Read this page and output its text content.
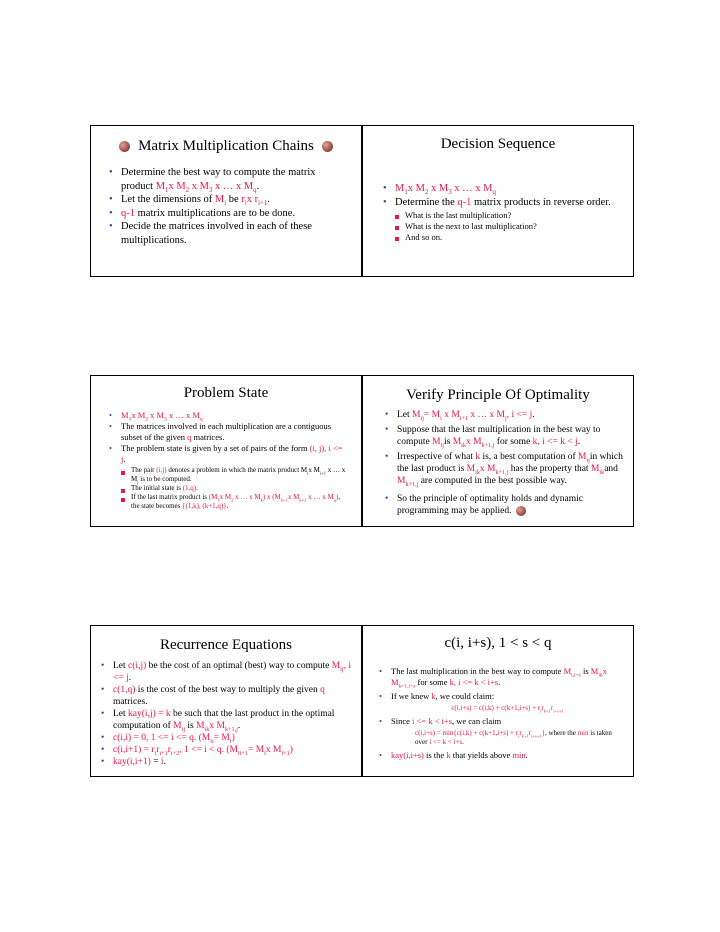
Matrix Multiplication Chains
• Determine the best way to compute the matrix product $M_1x$ $M_2$ x $M_3$ x … x $M_q$.
• Let the dimensions of $M_i$ be $r_ix$ $r_{i+1}$.
• q-1 matrix multiplications are to be done.
• Decide the matrices involved in each of these multiplications.
Decision Sequence
• $M_1x$ $M_2$ x $M_3$ x … x $M_q$
• Determine the q-1 matrix products in reverse order.
What is the last multiplication?
What is the next to last multiplication?
And so on.
Problem State
• $M_1x$ $M_2$ x $M_3$ x … x $M_q$
• The matrices involved in each multiplication are a contiguous subset of the given q matrices.
• The problem state is given by a set of pairs of the form (i, j), i <= j.
The pair (i,j) denotes a problem in which the matrix product $M_ix$ $M_{i+1}$ x … x $M_j$ is to be computed.
The initial state is (1,q).
If the last matrix product is ($M_1x$ $M_2$ x … x $M_k$) x ($M_{k+1}x$ $M_{k+2}$ x … x $M_q$), the state becomes {(1,k), (k+1,q)}.
Verify Principle Of Optimality
• Let $M_{ij}= M_i$ x $M_{i+1}$ x … x $M_j$, i <= j.
• Suppose that the last multiplication in the best way to compute $M_{ij}is$ $M_{ik}x$ $M_{k+1,j}$ for some k, i <= k < j.
• Irrespective of what k is, a best computation of $M_{ij}in$ which the last product is $M_{ik}x$ $M_{k+1,j}$ has the property that $M_{ik}and$ $M_{k+1,j}$ are computed in the best possible way.
• So the principle of optimality holds and dynamic programming may be applied.
Recurrence Equations
• Let c(i,j) be the cost of an optimal (best) way to compute $M_{ij}$, i <= j.
• c(1,q) is the cost of the best way to multiply the given q matrices.
• Let kay(i,j) = k be such that the last product in the optimal computation of $M_{ij}$ is $M_{ik}x$ $M_{k+1,j}$.
• c(i,i) = 0, 1 <= i <= q. $(M_{ii}= M_i)$
• $c(i,i+1) = r_ir_{i+1}r_{i+2}$, 1 <= i < q. ($M_{ii+1}= M_ix$ $M_{i+1}$)
• kay(i,i+1) = i.
c(i, i+s), 1 < s < q
• The last multiplication in the best way to compute $M_{i,i+s}$ is $M_{ik}x$ $M_{k+1,i+s}$ for some k, i <= k < i+s.
• If we knew k, we could claim:
$c(i,i+s) = c(i,k) + c(k+1,i+s) + r_ir_{k+1}r_{i+s+1}$
• Since i <= k < i+s, we can claim
$c(i,i+s) = \min\{c(i,k) + c(k+1,i+s) + r_ir_{k+1}r_{i+s+1}\}$, where the min is taken over i <= k < i+s.
• kay(i,i+s) is the k that yields above min.
